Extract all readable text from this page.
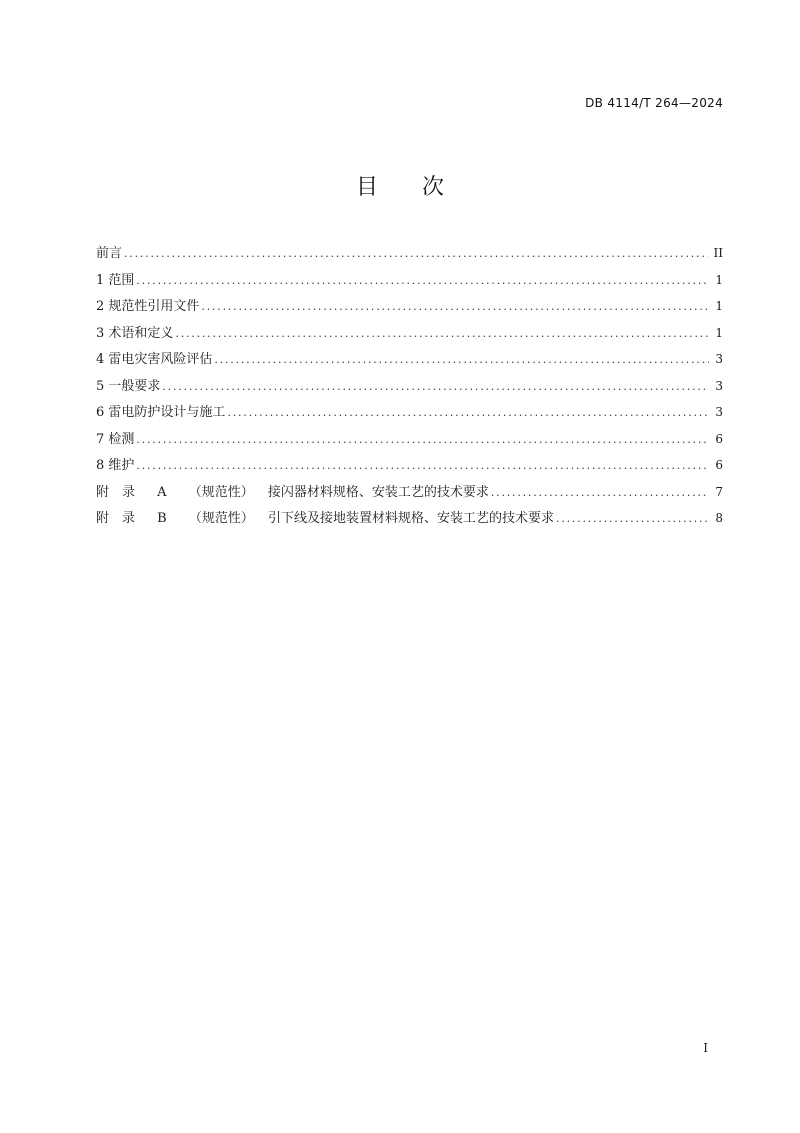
DB 4114/T 264—2024
目　　次
前言 .....	II
1 范围 .....	1
2 规范性引用文件 .....	1
3 术语和定义 .....	1
4 雷电灾害风险评估 .....	3
5 一般要求 .....	3
6 雷电防护设计与施工 .....	3
7 检测 .....	6
8 维护 .....	6
附　录 A （规范性） 接闪器材料规格、安装工艺的技术要求 .....	7
附　录 B （规范性） 引下线及接地装置材料规格、安装工艺的技术要求 .....	8
I
